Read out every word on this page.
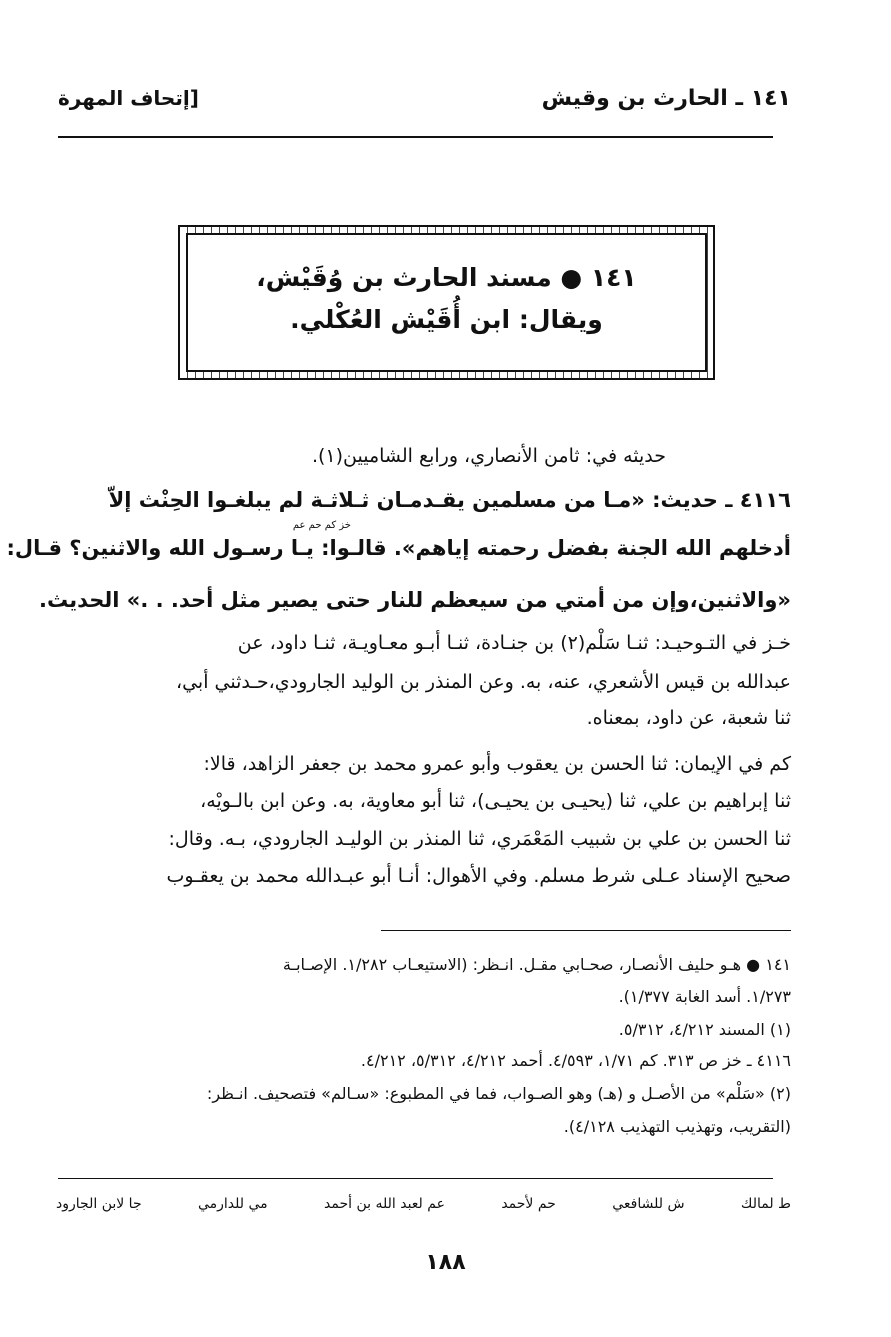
١٤١ ـ الحارث بن وقيش
[إتحاف المهرة
١٤١ ● مسند الحارث بن وُقَيْش،
ويقال: ابن أُقَيْش العُكْلي.
حديثه في: ثامن الأنصاري، ورابع الشاميين(١).
٤١١٦ ـ حديث: «مـا من مسلمين يقـدمـان ثـلاثـة لم يبلغـوا الحِنْث إلاّ
خز كم حم عم
أدخلهم الله الجنة بفضل رحمته إياهم». قالـوا: يـا رسـول الله والاثنين؟ قـال:
«والاثنين،وإن من أمتي من سيعظم للنار حتى يصير مثل أحد. . .» الحديث.
خـز في التـوحيـد: ثنـا سَلْم(٢) بن جنـادة، ثنـا أبـو معـاويـة، ثنـا داود، عن
عبدالله بن قيس الأشعري، عنه، به. وعن المنذر بن الوليد الجارودي،حـدثني أبي،
ثنا شعبة، عن داود، بمعناه.
كم في الإيمان: ثنا الحسن بن يعقوب وأبو عمرو محمد بن جعفر الزاهد، قالا:
ثنا إبراهيم بن علي، ثنا (يحيـى بن يحيـى)، ثنا أبو معاوية، به. وعن ابن بالـويْه،
ثنا الحسن بن علي بن شبيب المَعْمَري، ثنا المنذر بن الوليـد الجارودي، بـه. وقال:
صحيح الإسناد عـلى شرط مسلم. وفي الأهوال: أنـا أبو عبـدالله محمد بن يعقـوب
١٤١ ● هـو حليف الأنصـار، صحـابي مقـل. انـظر: (الاستيعـاب ١/٢٨٢. الإصـابـة
١/٢٧٣. أسد الغابة ١/٣٧٧).
(١) المسند ٤/٢١٢، ٥/٣١٢.
٤١١٦ ـ خز ص ٣١٣. كم ١/٧١، ٤/٥٩٣. أحمد ٤/٢١٢، ٥/٣١٢، ٤/٢١٢.
(٢) «سَلْم» من الأصـل و (هـ) وهو الصـواب، فما في المطبوع: «سـالم» فتصحيف. انـظر:
(التقريب، وتهذيب التهذيب ٤/١٢٨).
ط لمالك
ش للشافعي
حم لأحمد
عم لعبد الله بن أحمد
مي للدارمي
جا لابن الجارود
١٨٨
